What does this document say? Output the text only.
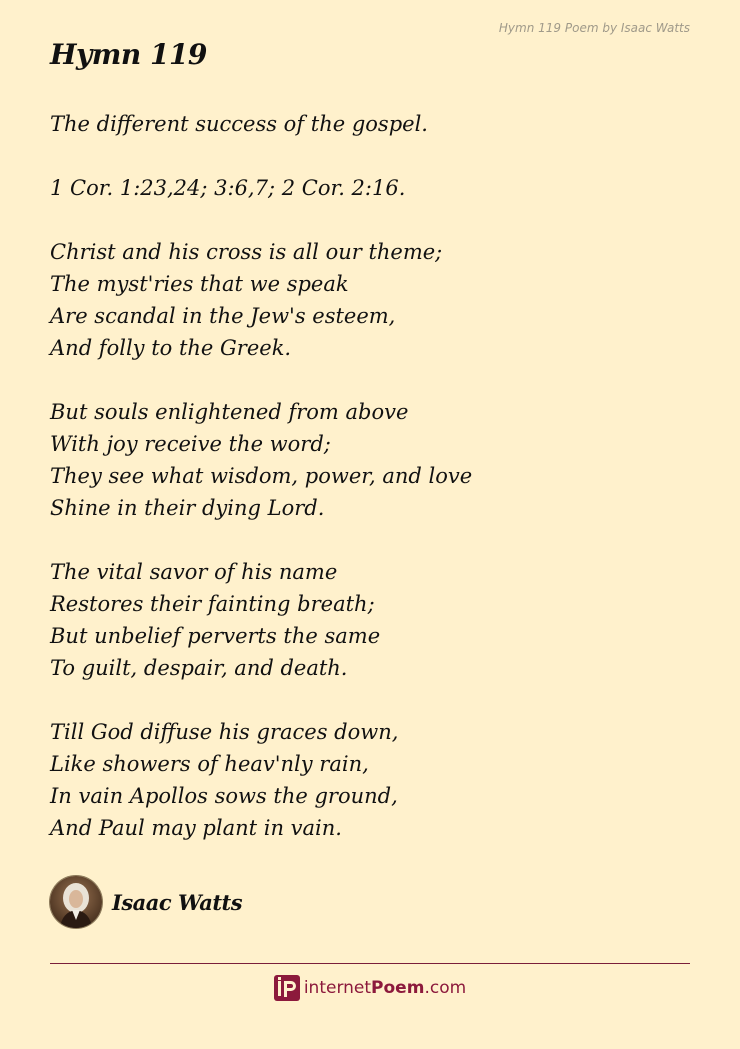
Hymn 119 Poem by Isaac Watts
Hymn 119

The different success of the gospel.

1 Cor. 1:23,24; 3:6,7; 2 Cor. 2:16.

Christ and his cross is all our theme;
The myst'ries that we speak
Are scandal in the Jew's esteem,
And folly to the Greek.

But souls enlightened from above
With joy receive the word;
They see what wisdom, power, and love
Shine in their dying Lord.

The vital savor of his name
Restores their fainting breath;
But unbelief perverts the same
To guilt, despair, and death.

Till God diffuse his graces down,
Like showers of heav'nly rain,
In vain Apollos sows the ground,
And Paul may plant in vain.

Isaac Watts
internetPoem.com
